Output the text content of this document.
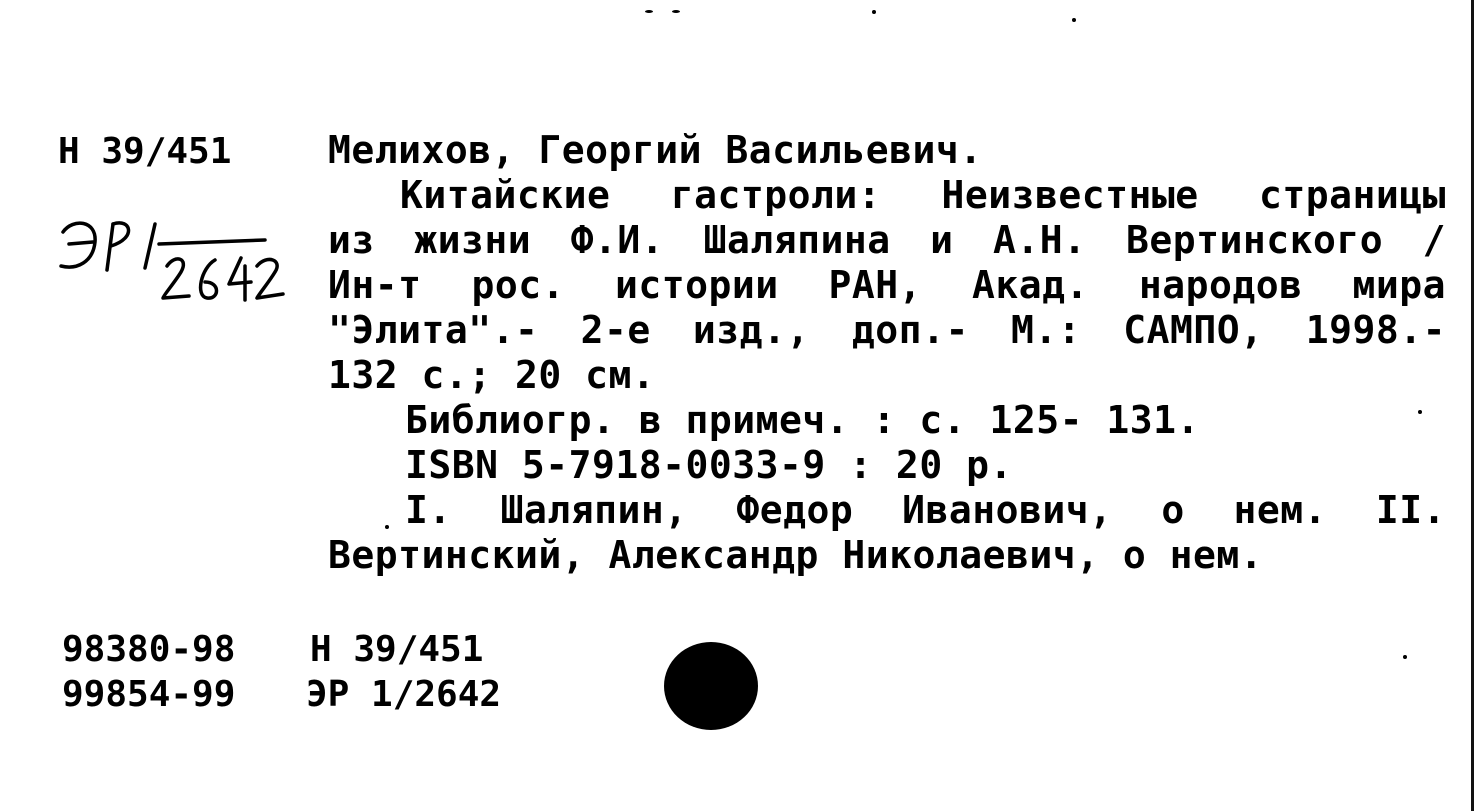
Н 39/451	Мелихов, Георгий Васильевич.
Китайские гастроли: Неизвестные страницы
из жизни Ф.И. Шаляпина и А.Н. Вертинского /
Ин-т рос. истории РАН, Акад. народов мира
"Элита".- 2-е изд., доп.- М.: САМПО, 1998.-
132 с.; 20 см.
Библиогр. в примеч. : с. 125- 131.
ISBN 5-7918-0033-9 : 20 р.
I. Шаляпин, Федор Иванович, о нем. II.
Вертинский, Александр Николаевич, о нем.
98380-98 Н 39/451
99854-99 ЭР 1/2642
